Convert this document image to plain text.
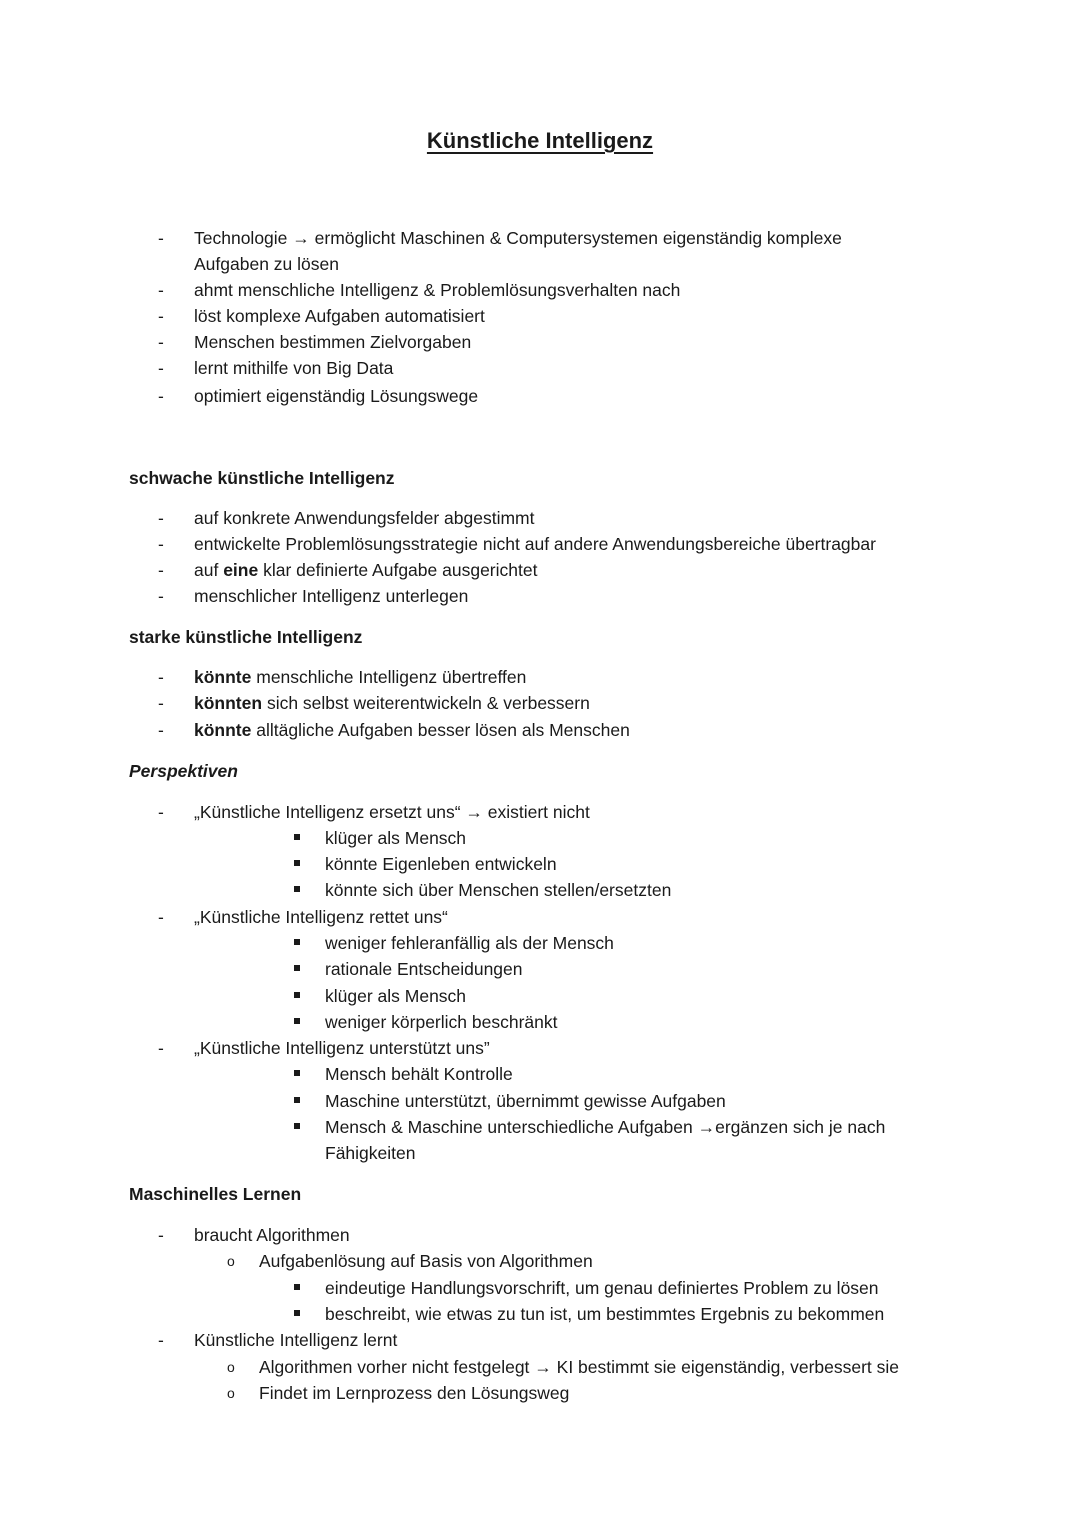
Künstliche Intelligenz
-	Technologie → ermöglicht Maschinen & Computersystemen eigenständig komplexe
Aufgaben zu lösen
-	ahmt menschliche Intelligenz & Problemlösungsverhalten nach
-	löst komplexe Aufgaben automatisiert
-	Menschen bestimmen Zielvorgaben
-	lernt mithilfe von Big Data
-	optimiert eigenständig Lösungswege
schwache künstliche Intelligenz
-	auf konkrete Anwendungsfelder abgestimmt
-	entwickelte Problemlösungsstrategie nicht auf andere Anwendungsbereiche übertragbar
-	auf eine klar definierte Aufgabe ausgerichtet
-	menschlicher Intelligenz unterlegen
starke künstliche Intelligenz
-	könnte menschliche Intelligenz übertreffen
-	könnten sich selbst weiterentwickeln & verbessern
-	könnte alltägliche Aufgaben besser lösen als Menschen
Perspektiven
-	„Künstliche Intelligenz ersetzt uns“ → existiert nicht
klüger als Mensch
könnte Eigenleben entwickeln
könnte sich über Menschen stellen/ersetzten
-	„Künstliche Intelligenz rettet uns“
weniger fehleranfällig als der Mensch
rationale Entscheidungen
klüger als Mensch
weniger körperlich beschränkt
-	„Künstliche Intelligenz unterstützt uns”
Mensch behält Kontrolle
Maschine unterstützt, übernimmt gewisse Aufgaben
Mensch & Maschine unterschiedliche Aufgaben →ergänzen sich je nach
Fähigkeiten
Maschinelles Lernen
-	braucht Algorithmen
o Aufgabenlösung auf Basis von Algorithmen
eindeutige Handlungsvorschrift, um genau definiertes Problem zu lösen
beschreibt, wie etwas zu tun ist, um bestimmtes Ergebnis zu bekommen
-	Künstliche Intelligenz lernt
o Algorithmen vorher nicht festgelegt → KI bestimmt sie eigenständig, verbessert sie
o Findet im Lernprozess den Lösungsweg
